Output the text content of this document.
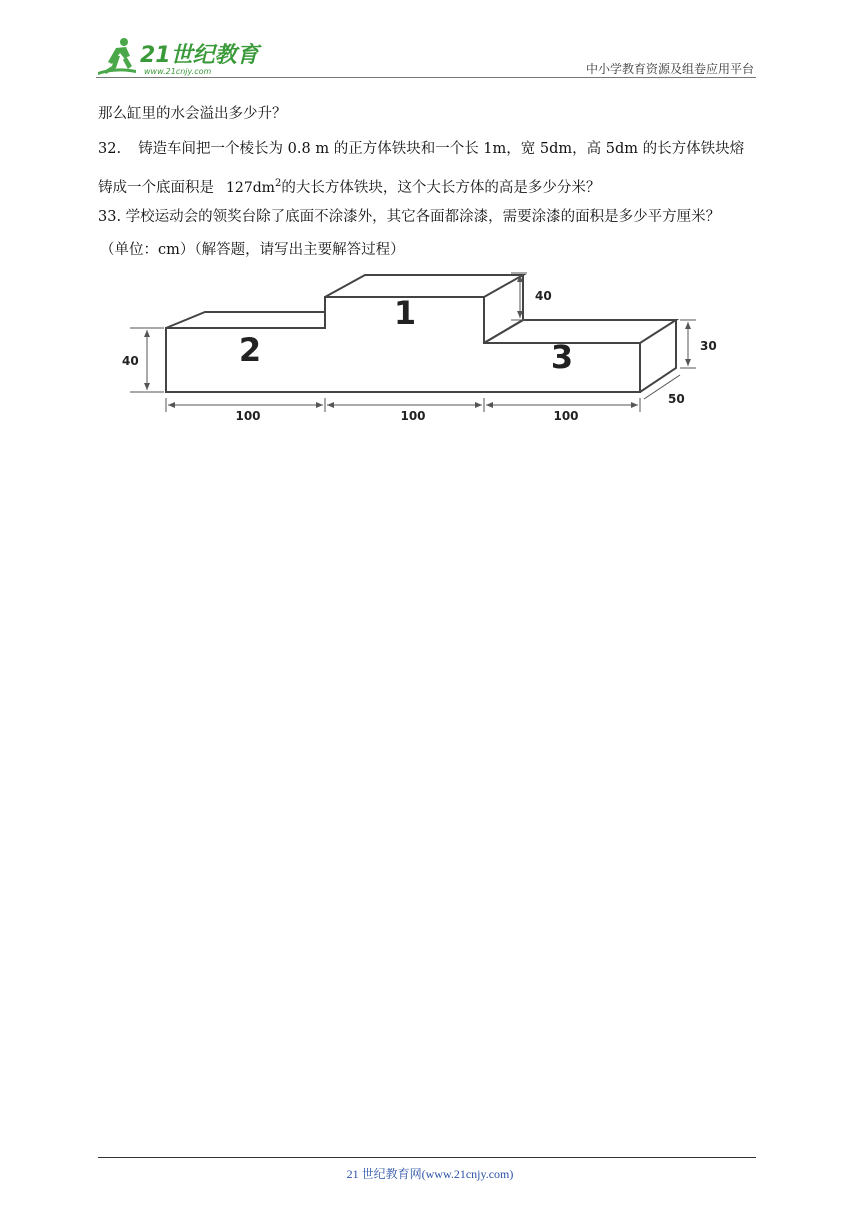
21世纪教育
www.21cnjy.com	中小学教育资源及组卷应用平台
那么缸里的水会溢出多少升？
32. 铸造车间把一个棱长为 0.8 m 的正方体铁块和一个长 1m，宽 5dm，高 5dm 的长方体铁块熔
铸成一个底面积是 $127dm^2$的大长方体铁块，这个大长方体的高是多少分米？
33. 学校运动会的领奖台除了底面不涂漆外，其它各面都涂漆，需要涂漆的面积是多少平方厘米？
（单位：cm）（解答题，请写出主要解答过程）
1
2	3
40
40
30
50
100	100	100
21 世纪教育网(www.21cnjy.com)
